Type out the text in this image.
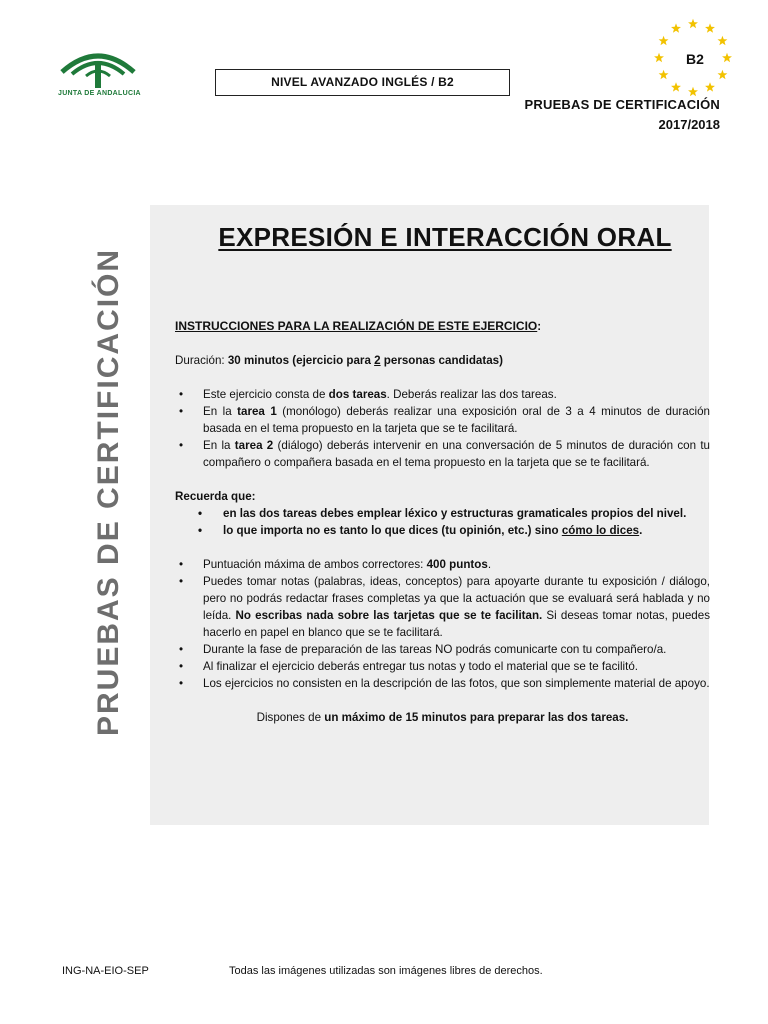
JUNTA DE ANDALUCIA
NIVEL AVANZADO INGLÉS / B2
B2
PRUEBAS DE CERTIFICACIÓN
2017/2018
PRUEBAS DE CERTIFICACIÓN
EXPRESIÓN E INTERACCIÓN ORAL

INSTRUCCIONES PARA LA REALIZACIÓN DE ESTE EJERCICIO:

Duración: 30 minutos (ejercicio para 2 personas candidatas)

• Este ejercicio consta de dos tareas. Deberás realizar las dos tareas.
• En la tarea 1 (monólogo) deberás realizar una exposición oral de 3 a 4 minutos de duración basada en el tema propuesto en la tarjeta que se te facilitará.
• En la tarea 2 (diálogo) deberás intervenir en una conversación de 5 minutos de duración con tu compañero o compañera basada en el tema propuesto en la tarjeta que se te facilitará.

Recuerda que:

• en las dos tareas debes emplear léxico y estructuras gramaticales propios del nivel.
• lo que importa no es tanto lo que dices (tu opinión, etc.) sino cómo lo dices.
• Puntuación máxima de ambos correctores: 400 puntos.
• Puedes tomar notas (palabras, ideas, conceptos) para apoyarte durante tu exposición / diálogo, pero no podrás redactar frases completas ya que la actuación que se evaluará será hablada y no leída. No escribas nada sobre las tarjetas que se te facilitan. Si deseas tomar notas, puedes hacerlo en papel en blanco que se te facilitará.
• Durante la fase de preparación de las tareas NO podrás comunicarte con tu compañero/a.
• Al finalizar el ejercicio deberás entregar tus notas y todo el material que se te facilitó.
• Los ejercicios no consisten en la descripción de las fotos, que son simplemente material de apoyo.

Dispones de un máximo de 15 minutos para preparar las dos tareas.

ING-NA-EIO-SEP	Todas las imágenes utilizadas son imágenes libres de derechos.
